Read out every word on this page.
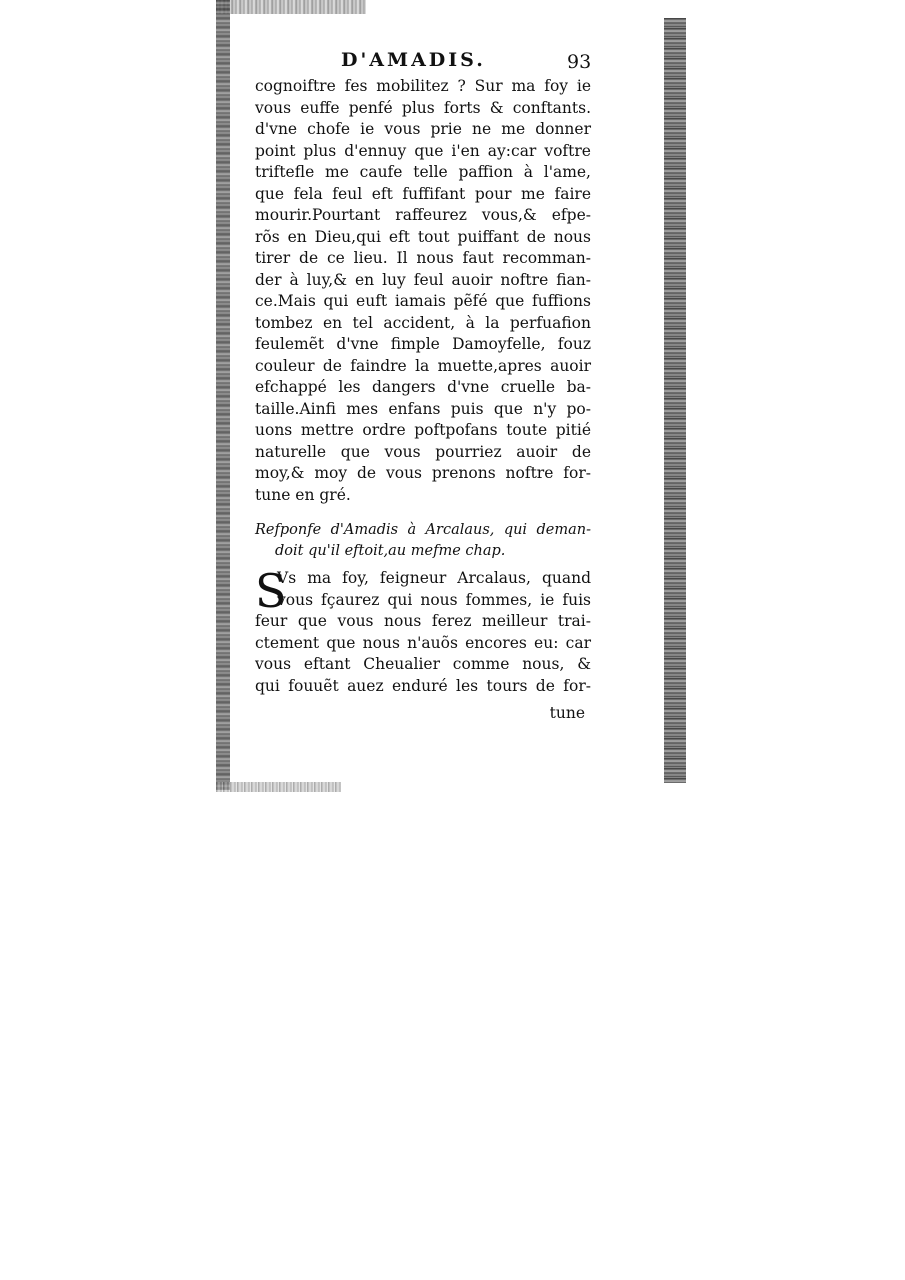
D'AMADIS.	93
cognoiftre fes mobilitez ? Sur ma foy ie
vous euffe penfé plus forts & conftants.
d'vne chofe ie vous prie ne me donner
point plus d'ennuy que i'en ay:car voftre
triftefle me caufe telle paffion à l'ame,
que fela feul eft fuffifant pour me faire
mourir.Pourtant raffeurez vous,& efpe-
rõs en Dieu,qui eft tout puiffant de nous
tirer de ce lieu. Il nous faut recomman-
der à luy,& en luy feul auoir noftre fian-
ce.Mais qui euft iamais pẽfé que fuffions
tombez en tel accident, à la perfuafion
feulemẽt d'vne fimple Damoyfelle, fouz
couleur de faindre la muette,apres auoir
efchappé les dangers d'vne cruelle ba-
taille.Ainfi mes enfans puis que n'y po-
uons mettre ordre poftpofans toute pitié
naturelle que vous pourriez auoir de
moy,& moy de vous prenons noftre for-
tune en gré.
Refponfe d'Amadis à Arcalaus, qui deman-
doit qu'il eftoit,au mefme chap.
S
Vs ma foy, feigneur Arcalaus, quand
vous fçaurez qui nous fommes, ie fuis
feur que vous nous ferez meilleur trai-
ctement que nous n'auõs encores eu: car
vous eftant Cheualier comme nous, &
qui fouuẽt auez enduré les tours de for-
tune
